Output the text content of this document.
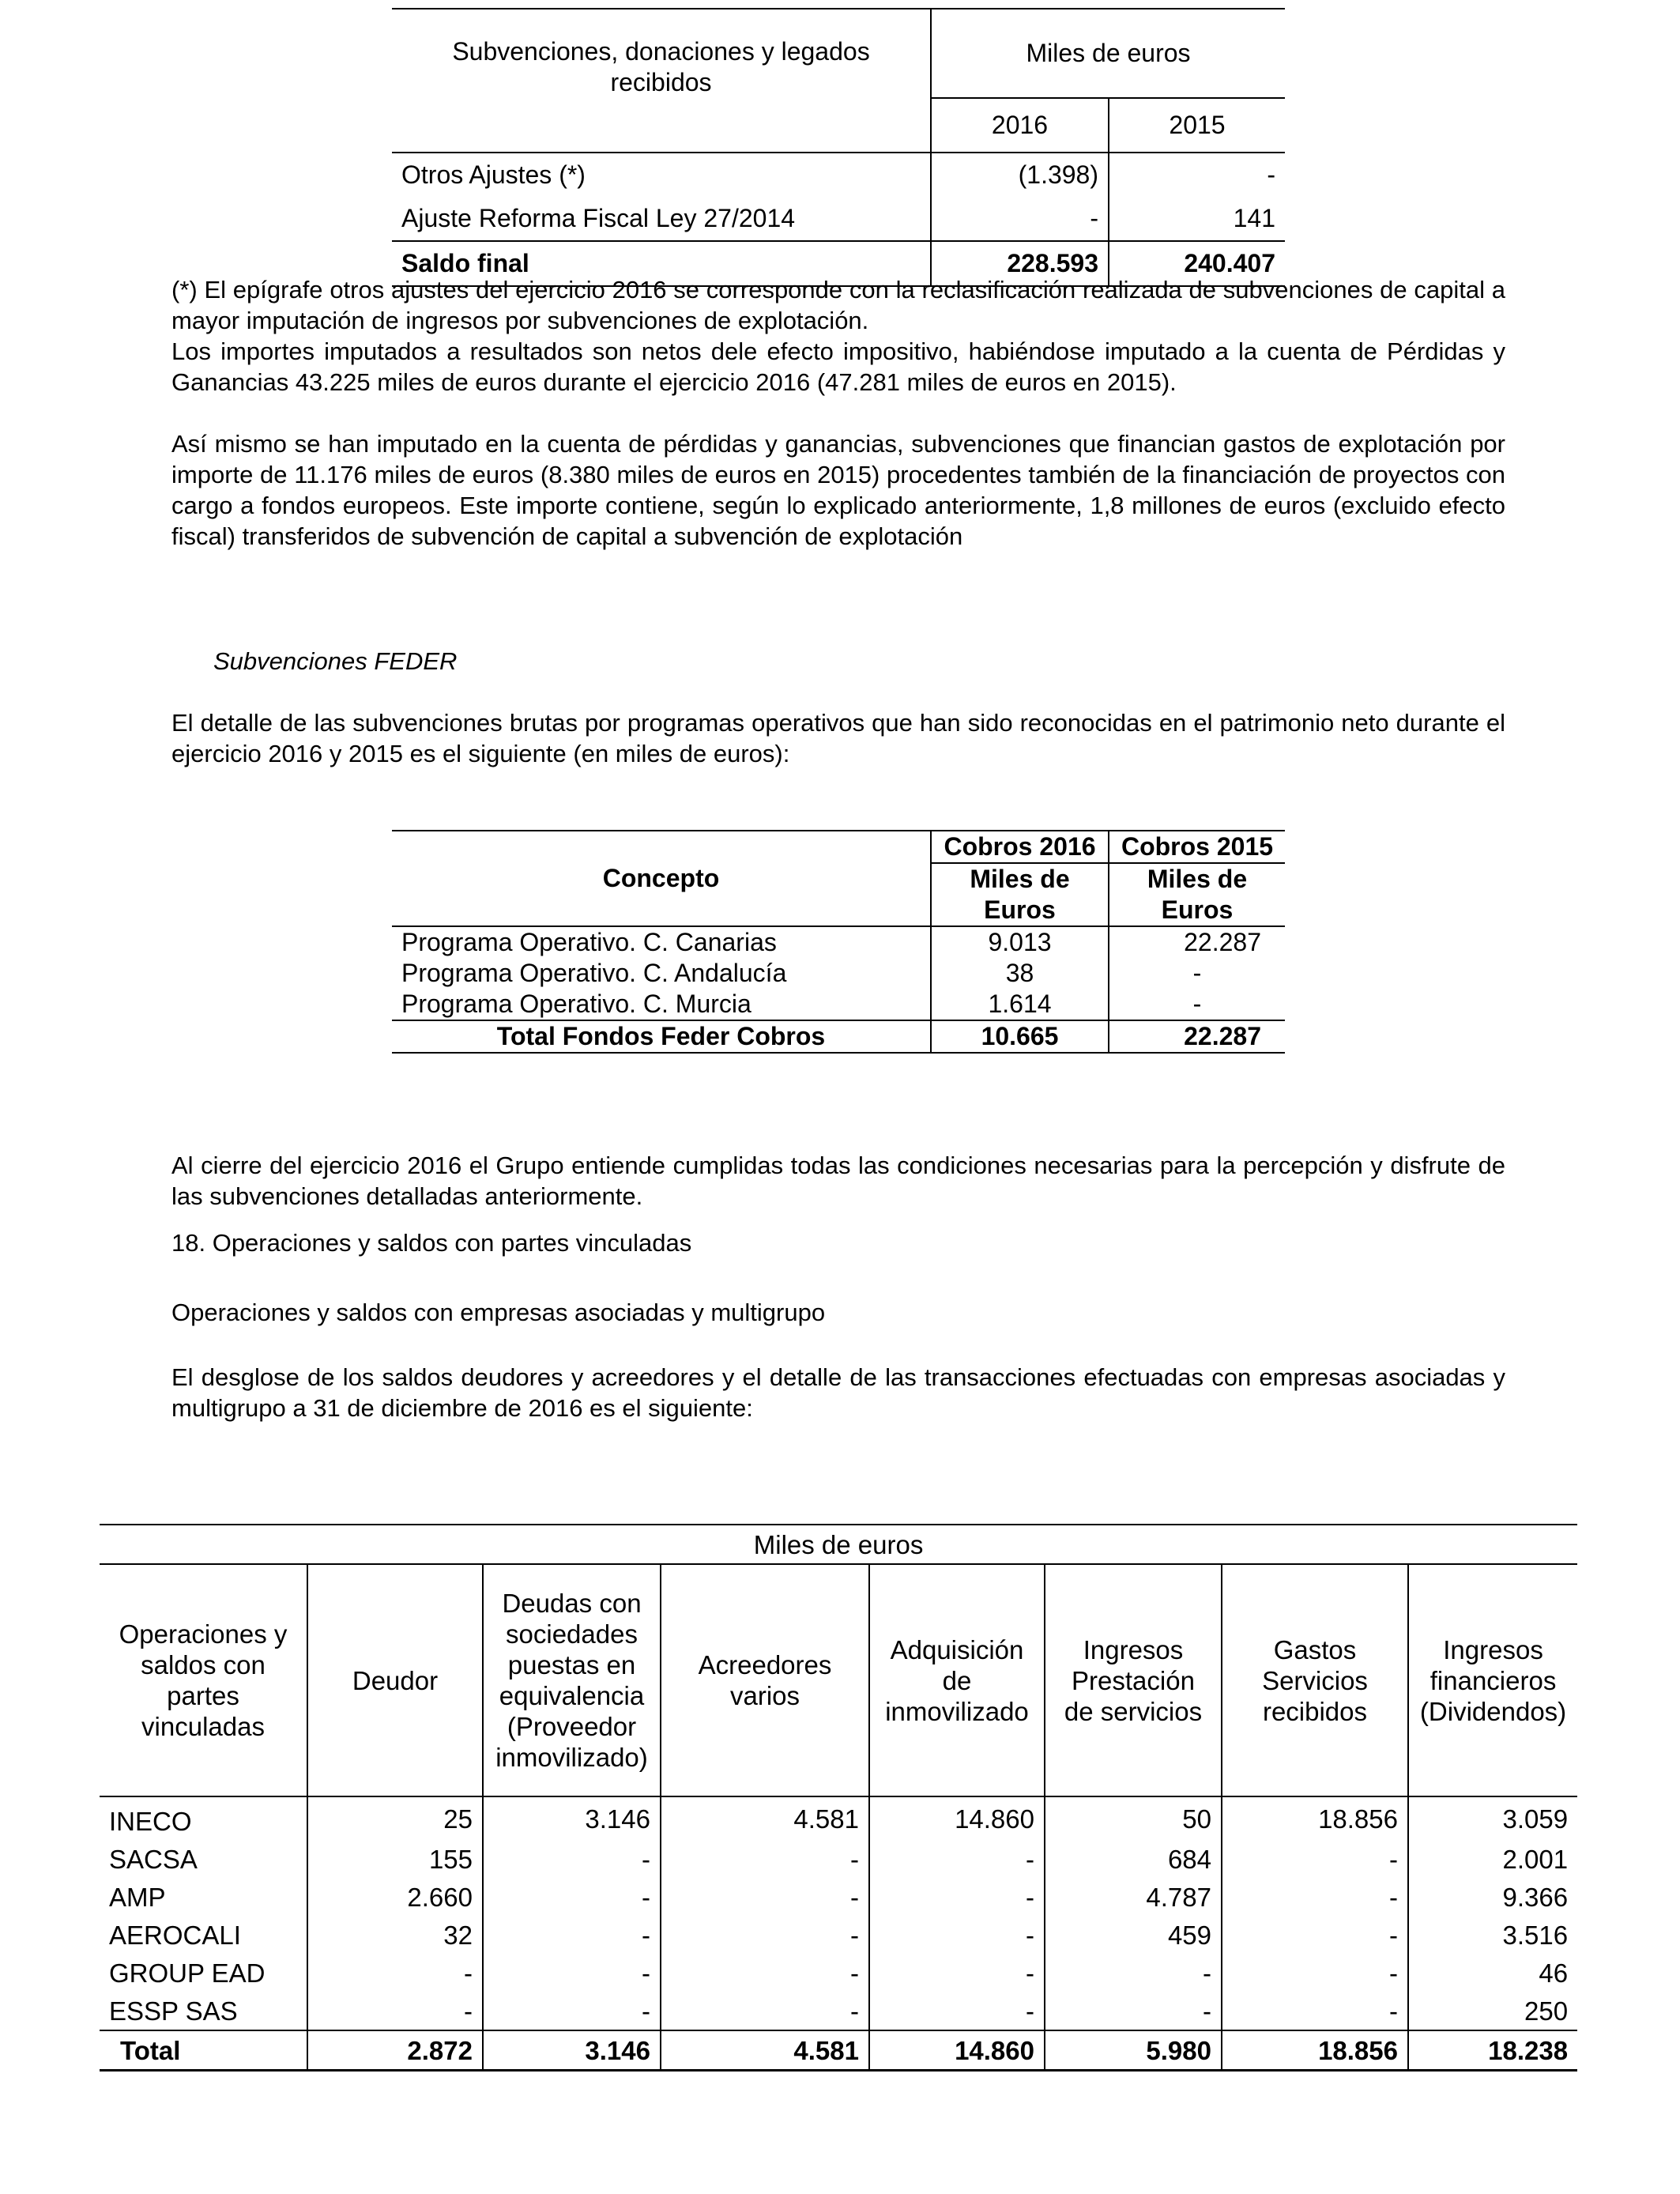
Subvenciones, donaciones y legados recibidos	Miles de euros	
	2016	2015
Otros Ajustes (*)	(1.398)	-
Ajuste Reforma Fiscal Ley 27/2014	-	141
Saldo final	228.593	240.407

(*) El epígrafe otros ajustes del ejercicio 2016 se corresponde con la reclasificación realizada de subvenciones de capital a mayor imputación de ingresos por subvenciones de explotación.

Los importes imputados a resultados son netos dele efecto impositivo, habiéndose imputado a la cuenta de Pérdidas y Ganancias 43.225 miles de euros durante el ejercicio 2016 (47.281 miles de euros en 2015).

Así mismo se han imputado en la cuenta de pérdidas y ganancias, subvenciones que financian gastos de explotación por importe de 11.176 miles de euros (8.380 miles de euros en 2015) procedentes también de la financiación de proyectos con cargo a fondos europeos. Este importe contiene, según lo explicado anteriormente, 1,8 millones de euros (excluido efecto fiscal) transferidos de subvención de capital a subvención de explotación

Subvenciones FEDER

El detalle de las subvenciones brutas por programas operativos que han sido reconocidas en el patrimonio neto durante el ejercicio 2016 y 2015 es el siguiente (en miles de euros):

Concepto	Cobros 2016	Cobros 2015
	Miles de Euros	Miles de Euros
Programa Operativo. C. Canarias	9.013	22.287
Programa Operativo. C. Andalucía	38	-
Programa Operativo. C. Murcia	1.614	-
Total Fondos Feder Cobros	10.665	22.287

Al cierre del ejercicio 2016 el Grupo entiende cumplidas todas las condiciones necesarias para la percepción y disfrute de las subvenciones detalladas anteriormente.

18. Operaciones y saldos con partes vinculadas
Operaciones y saldos con empresas asociadas y multigrupo

El desglose de los saldos deudores y acreedores y el detalle de las transacciones efectuadas con empresas asociadas y multigrupo a 31 de diciembre de 2016 es el siguiente:

Miles de euros							
Operaciones y saldos con partes vinculadas	Deudor	Deudas con sociedades puestas en equivalencia (Proveedor inmovilizado)	Acreedores varios	Adquisición de inmovilizado	Ingresos Prestación de servicios	Gastos Servicios recibidos	Ingresos financieros (Dividendos)
INECO	25	3.146	4.581	14.860	50	18.856	3.059
SACSA	155	-	-	-	684	-	2.001
AMP	2.660	-	-	-	4.787	-	9.366
AEROCALI	32	-	-	-	459	-	3.516
GROUP EAD	-	-	-	-	-	-	46
ESSP SAS	-	-	-	-	-	-	250
Total	2.872	3.146	4.581	14.860	5.980	18.856	18.238
